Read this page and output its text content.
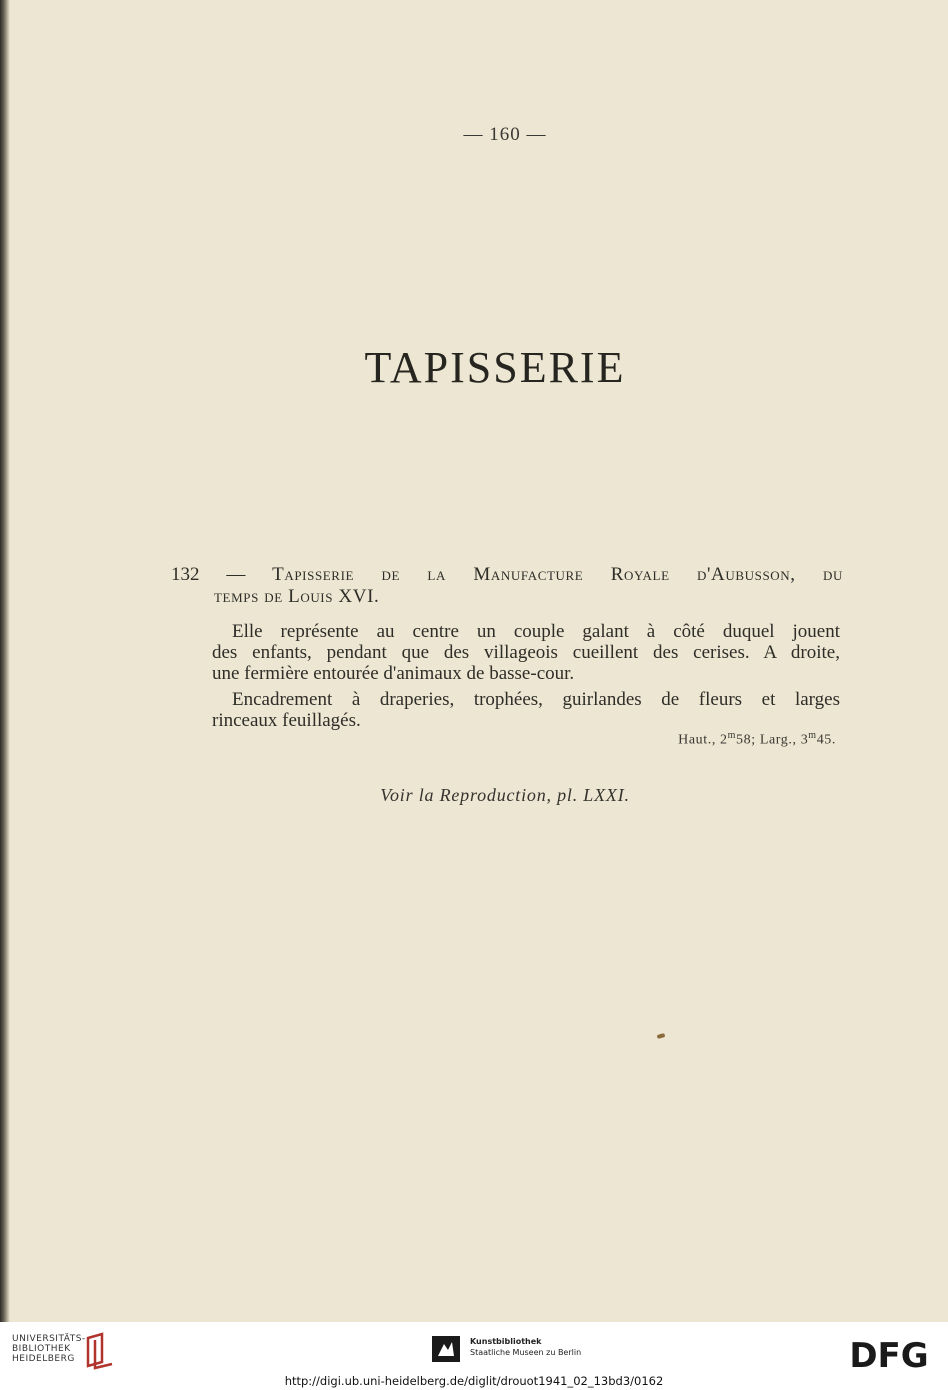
— 160 —
TAPISSERIE
132 — Tapisserie de la Manufacture Royale d'Aubusson, du
temps de Louis XVI.
Elle représente au centre un couple galant à côté duquel jouent
des enfants, pendant que des villageois cueillent des cerises. A droite,
une fermière entourée d'animaux de basse-cour.
Encadrement à draperies, trophées, guirlandes de fleurs et larges
rinceaux feuillagés.
Haut., 2$^m$58; Larg., 3$^m$45.
Voir la Reproduction, pl. LXXI.
UNIVERSITÄTS-
BIBLIOTHEK
HEIDELBERG
Kunstbibliothek
Staatliche Museen zu Berlin	DFG
http://digi.ub.uni-heidelberg.de/diglit/drouot1941_02_13bd3/0162
